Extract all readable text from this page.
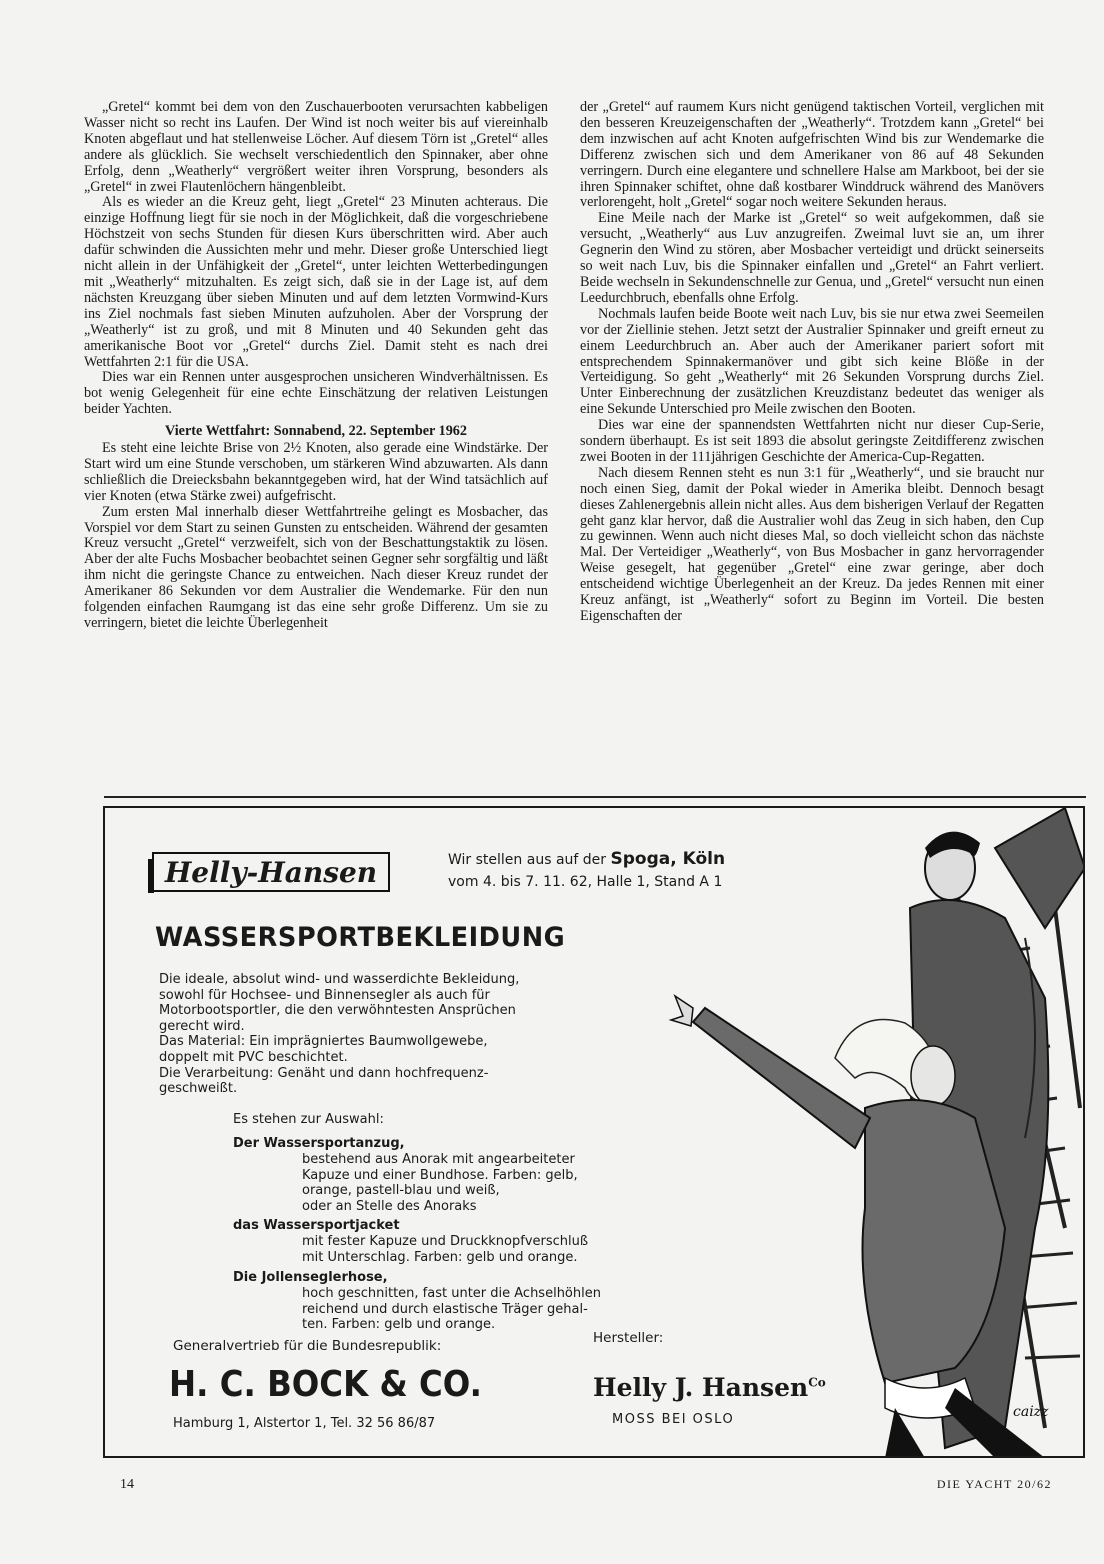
„Gretel“ kommt bei dem von den Zuschauerbooten verursachten kabbeligen Wasser nicht so recht ins Laufen. Der Wind ist noch weiter bis auf viereinhalb Knoten abgeflaut und hat stellenweise Löcher. Auf diesem Törn ist „Gretel“ alles andere als glücklich. Sie wechselt verschiedentlich den Spinnaker, aber ohne Erfolg, denn „Weatherly“ vergrößert weiter ihren Vorsprung, besonders als „Gretel“ in zwei Flautenlöchern hängenbleibt.

Als es wieder an die Kreuz geht, liegt „Gretel“ 23 Minuten achteraus. Die einzige Hoffnung liegt für sie noch in der Möglichkeit, daß die vorgeschriebene Höchstzeit von sechs Stunden für diesen Kurs überschritten wird. Aber auch dafür schwinden die Aussichten mehr und mehr. Dieser große Unterschied liegt nicht allein in der Unfähigkeit der „Gretel“, unter leichten Wetterbedingungen mit „Weatherly“ mitzuhalten. Es zeigt sich, daß sie in der Lage ist, auf dem nächsten Kreuzgang über sieben Minuten und auf dem letzten Vormwind-Kurs ins Ziel nochmals fast sieben Minuten aufzuholen. Aber der Vorsprung der „Weatherly“ ist zu groß, und mit 8 Minuten und 40 Sekunden geht das amerikanische Boot vor „Gretel“ durchs Ziel. Damit steht es nach drei Wettfahrten 2:1 für die USA.

Dies war ein Rennen unter ausgesprochen unsicheren Windverhältnissen. Es bot wenig Gelegenheit für eine echte Einschätzung der relativen Leistungen beider Yachten.

Vierte Wettfahrt: Sonnabend, 22. September 1962

Es steht eine leichte Brise von 2½ Knoten, also gerade eine Windstärke. Der Start wird um eine Stunde verschoben, um stärkeren Wind abzuwarten. Als dann schließlich die Dreiecksbahn bekanntgegeben wird, hat der Wind tatsächlich auf vier Knoten (etwa Stärke zwei) aufgefrischt.

Zum ersten Mal innerhalb dieser Wettfahrtreihe gelingt es Mosbacher, das Vorspiel vor dem Start zu seinen Gunsten zu entscheiden. Während der gesamten Kreuz versucht „Gretel“ verzweifelt, sich von der Beschattungstaktik zu lösen. Aber der alte Fuchs Mosbacher beobachtet seinen Gegner sehr sorgfältig und läßt ihm nicht die geringste Chance zu entweichen. Nach dieser Kreuz rundet der Amerikaner 86 Sekunden vor dem Australier die Wendemarke. Für den nun folgenden einfachen Raumgang ist das eine sehr große Differenz. Um sie zu verringern, bietet die leichte Überlegenheit

der „Gretel“ auf raumem Kurs nicht genügend taktischen Vorteil, verglichen mit den besseren Kreuzeigenschaften der „Weatherly“. Trotzdem kann „Gretel“ bei dem inzwischen auf acht Knoten aufgefrischten Wind bis zur Wendemarke die Differenz zwischen sich und dem Amerikaner von 86 auf 48 Sekunden verringern. Durch eine elegantere und schnellere Halse am Markboot, bei der sie ihren Spinnaker schiftet, ohne daß kostbarer Winddruck während des Manövers verlorengeht, holt „Gretel“ sogar noch weitere Sekunden heraus.

Eine Meile nach der Marke ist „Gretel“ so weit aufgekommen, daß sie versucht, „Weatherly“ aus Luv anzugreifen. Zweimal luvt sie an, um ihrer Gegnerin den Wind zu stören, aber Mosbacher verteidigt und drückt seinerseits so weit nach Luv, bis die Spinnaker einfallen und „Gretel“ an Fahrt verliert. Beide wechseln in Sekundenschnelle zur Genua, und „Gretel“ versucht nun einen Leedurchbruch, ebenfalls ohne Erfolg.

Nochmals laufen beide Boote weit nach Luv, bis sie nur etwa zwei Seemeilen vor der Ziellinie stehen. Jetzt setzt der Australier Spinnaker und greift erneut zu einem Leedurchbruch an. Aber auch der Amerikaner pariert sofort mit entsprechendem Spinnakermanöver und gibt sich keine Blöße in der Verteidigung. So geht „Weatherly“ mit 26 Sekunden Vorsprung durchs Ziel. Unter Einberechnung der zusätzlichen Kreuzdistanz bedeutet das weniger als eine Sekunde Unterschied pro Meile zwischen den Booten.

Dies war eine der spannendsten Wettfahrten nicht nur dieser Cup-Serie, sondern überhaupt. Es ist seit 1893 die absolut geringste Zeitdifferenz zwischen zwei Booten in der 111jährigen Geschichte der America-Cup-Regatten.

Nach diesem Rennen steht es nun 3:1 für „Weatherly“, und sie braucht nur noch einen Sieg, damit der Pokal wieder in Amerika bleibt. Dennoch besagt dieses Zahlenergebnis allein nicht alles. Aus dem bisherigen Verlauf der Regatten geht ganz klar hervor, daß die Australier wohl das Zeug in sich haben, den Cup zu gewinnen. Wenn auch nicht dieses Mal, so doch vielleicht schon das nächste Mal. Der Verteidiger „Weatherly“, von Bus Mosbacher in ganz hervorragender Weise gesegelt, hat gegenüber „Gretel“ eine zwar geringe, aber doch entscheidend wichtige Überlegenheit an der Kreuz. Da jedes Rennen mit einer Kreuz anfängt, ist „Weatherly“ sofort zu Beginn im Vorteil. Die besten Eigenschaften der

caizz
Helly-Hansen	Wir stellen aus auf der Spoga, Köln
vom 4. bis 7. 11. 62, Halle 1, Stand A 1
WASSERSPORTBEKLEIDUNG
Die ideale, absolut wind- und wasserdichte Bekleidung,
sowohl für Hochsee- und Binnensegler als auch für
Motorbootsportler, die den verwöhntesten Ansprüchen
gerecht wird.
Das Material: Ein imprägniertes Baumwollgewebe,
doppelt mit PVC beschichtet.
Die Verarbeitung: Genäht und dann hochfrequenz-
geschweißt.
Es stehen zur Auswahl:
Der Wassersportanzug,
bestehend aus Anorak mit angearbeiteter
Kapuze und einer Bundhose. Farben: gelb,
orange, pastell-blau und weiß,
oder an Stelle des Anoraks
das Wassersportjacket
mit fester Kapuze und Druckknopfverschluß
mit Unterschlag. Farben: gelb und orange.
Die Jollenseglerhose,
hoch geschnitten, fast unter die Achselhöhlen
reichend und durch elastische Träger gehal-
ten. Farben: gelb und orange.
Generalvertrieb für die Bundesrepublik:
H. C. BOCK & CO.
Hamburg 1, Alstertor 1, Tel. 32 56 86/87
Hersteller:
Helly J. Hansen$^{Co}$
MOSS BEI OSLO
14	DIE YACHT 20/62
